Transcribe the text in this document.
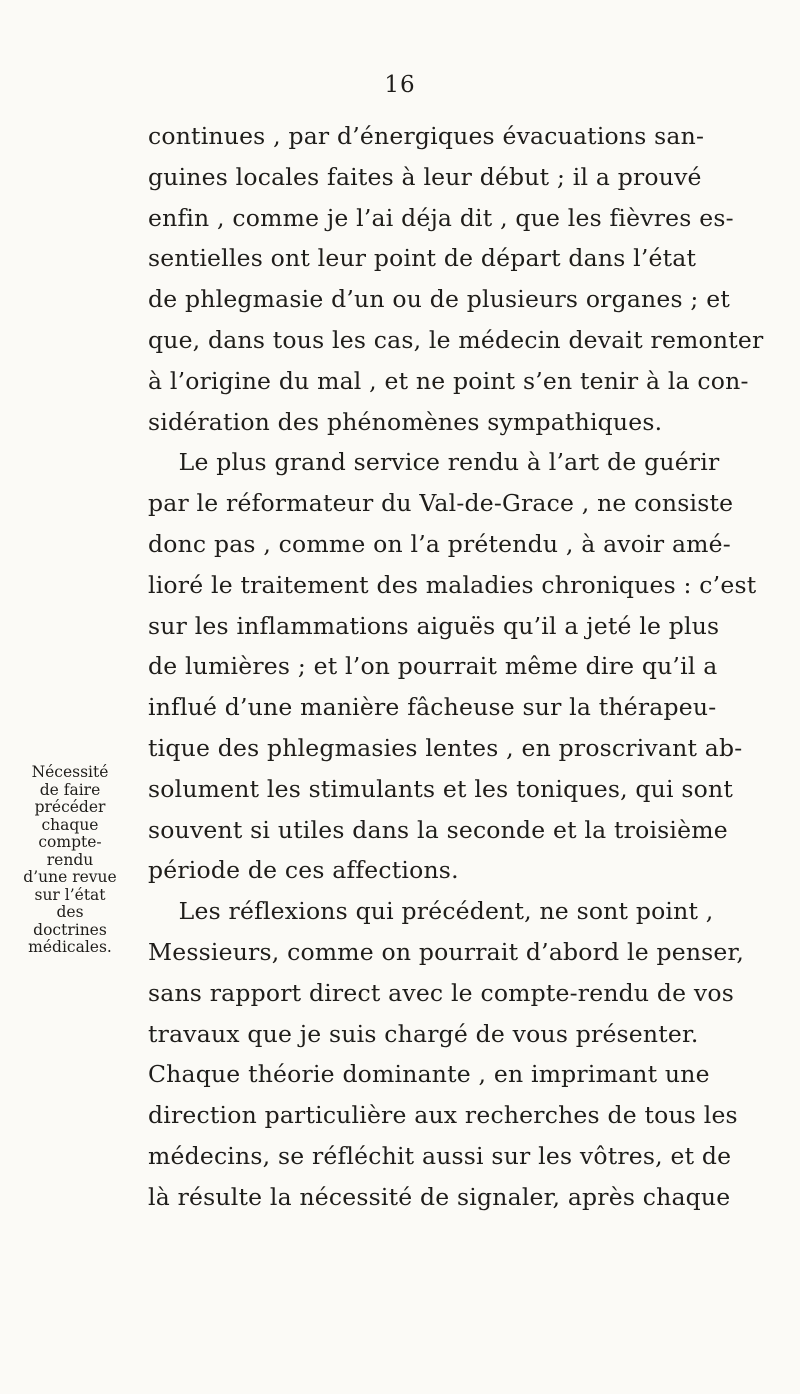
16
continues , par d’énergiques évacuations san-
guines locales faites à leur début ; il a prouvé
enfin , comme je l’ai déja dit , que les fièvres es-
sentielles ont leur point de départ dans l’état
de phlegmasie d’un ou de plusieurs organes ; et
que, dans tous les cas, le médecin devait remonter
à l’origine du mal , et ne point s’en tenir à la con-
sidération des phénomènes sympathiques.
Le plus grand service rendu à l’art de guérir
par le réformateur du Val-de-Grace , ne consiste
donc pas , comme on l’a prétendu , à avoir amé-
lioré le traitement des maladies chroniques : c’est
sur les inflammations aiguës qu’il a jeté le plus
de lumières ; et l’on pourrait même dire qu’il a
influé d’une manière fâcheuse sur la thérapeu-
tique des phlegmasies lentes , en proscrivant ab-
solument les stimulants et les toniques, qui sont
souvent si utiles dans la seconde et la troisième
période de ces affections.
Les réflexions qui précédent, ne sont point ,
Messieurs, comme on pourrait d’abord le penser,
sans rapport direct avec le compte-rendu de vos
travaux que je suis chargé de vous présenter.
Chaque théorie dominante , en imprimant une
direction particulière aux recherches de tous les
médecins, se réfléchit aussi sur les vôtres, et de
là résulte la nécessité de signaler, après chaque
Nécessité
de faire
précéder
chaque
compte-
rendu
d’une revue
sur l’état
des
doctrines
médicales.
